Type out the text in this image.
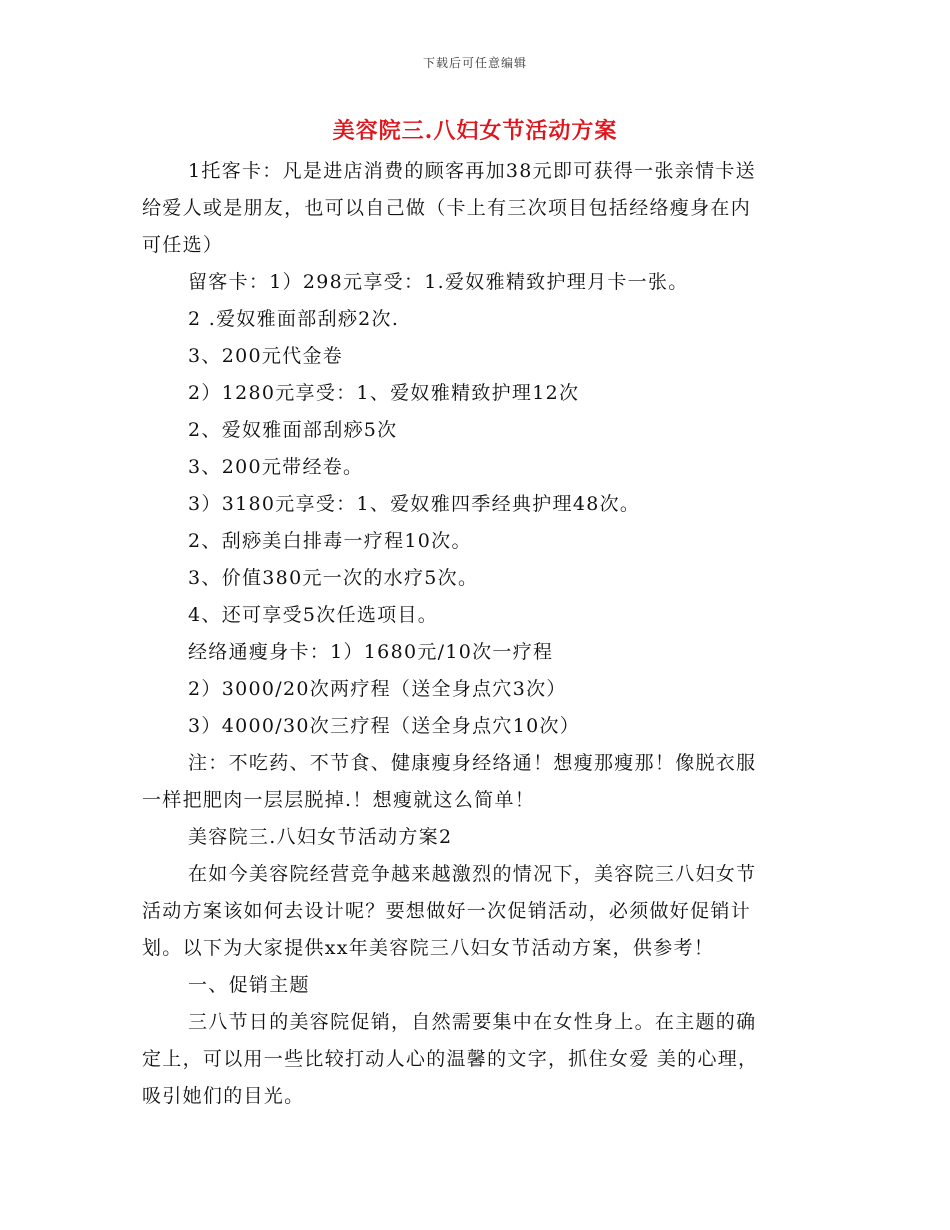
下载后可任意编辑
美容院三.八妇女节活动方案

1托客卡：凡是进店消费的顾客再加38元即可获得一张亲情卡送
给爱人或是朋友，也可以自己做（卡上有三次项目包括经络瘦身在内
可任选）

留客卡：1）298元享受：1.爱奴雅精致护理月卡一张。

2 .爱奴雅面部刮痧2次.

3、200元代金卷

2）1280元享受：1、爱奴雅精致护理12次

2、爱奴雅面部刮痧5次

3、200元带经卷。

3）3180元享受：1、爱奴雅四季经典护理48次。

2、刮痧美白排毒一疗程10次。

3、价值380元一次的水疗5次。

4、还可享受5次任选项目。

经络通瘦身卡：1）1680元/10次一疗程

2）3000/20次两疗程（送全身点穴3次）

3）4000/30次三疗程（送全身点穴10次）

注：不吃药、不节食、健康瘦身经络通！想瘦那瘦那！像脱衣服
一样把肥肉一层层脱掉.！想瘦就这么简单！

美容院三.八妇女节活动方案2

在如今美容院经营竞争越来越激烈的情况下，美容院三八妇女节
活动方案该如何去设计呢？要想做好一次促销活动，必须做好促销计
划。以下为大家提供xx年美容院三八妇女节活动方案，供参考！

一、促销主题

三八节日的美容院促销，自然需要集中在女性身上。在主题的确
定上，可以用一些比较打动人心的温馨的文字，抓住女爱 美的心理，
吸引她们的目光。
